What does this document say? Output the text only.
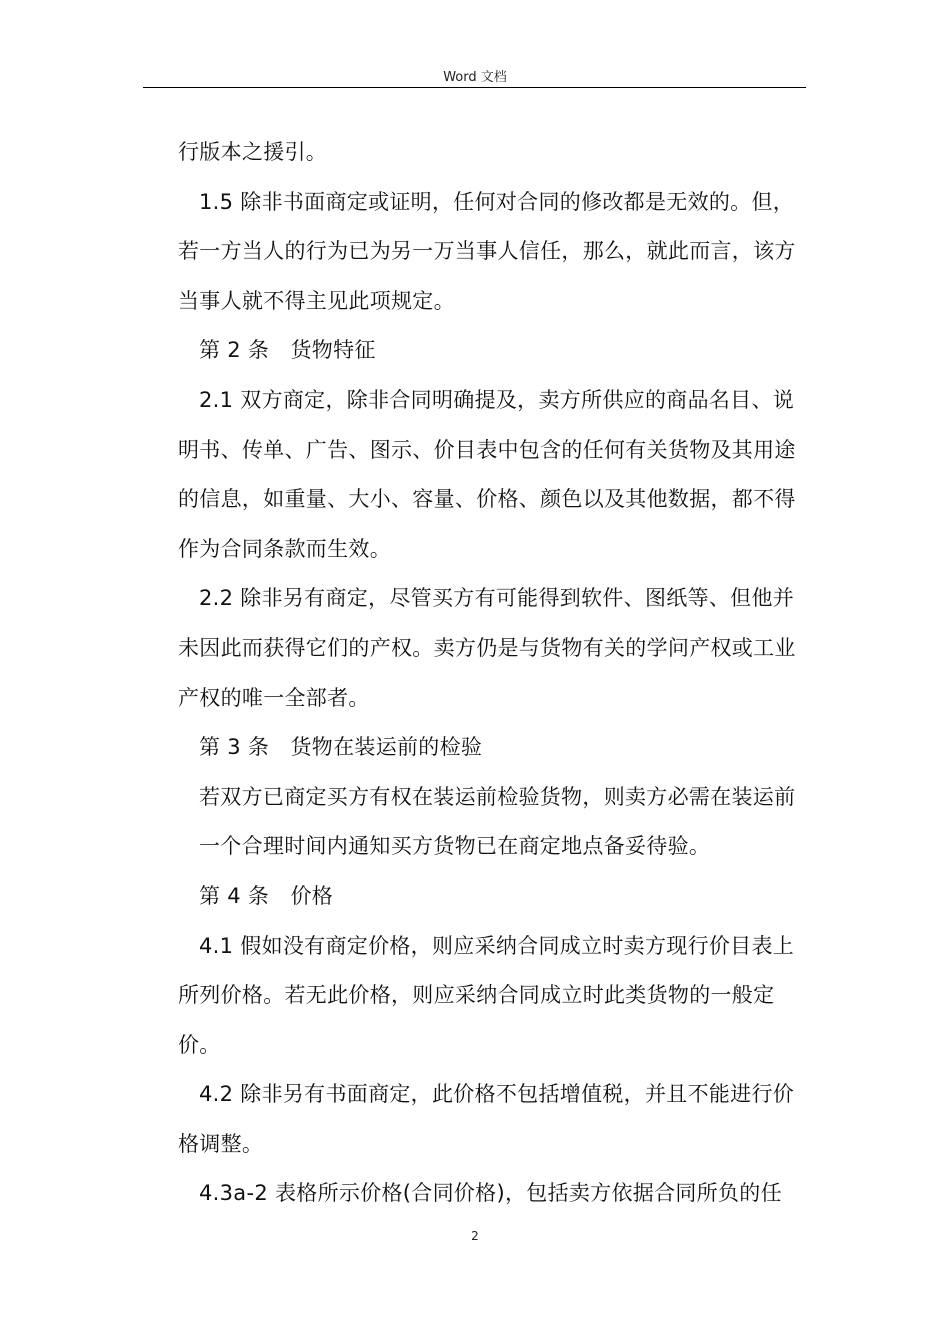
Word 文档

行版本之援引。

1.5 除非书面商定或证明，任何对合同的修改都是无效的。但，若一方当人的行为已为另一万当事人信任，那么，就此而言，该方当事人就不得主见此项规定。

第 2 条　货物特征

2.1 双方商定，除非合同明确提及，卖方所供应的商品名目、说明书、传单、广告、图示、价目表中包含的任何有关货物及其用途的信息，如重量、大小、容量、价格、颜色以及其他数据，都不得作为合同条款而生效。

2.2 除非另有商定，尽管买方有可能得到软件、图纸等、但他并未因此而获得它们的产权。卖方仍是与货物有关的学问产权或工业产权的唯一全部者。

第 3 条　货物在装运前的检验

若双方已商定买方有权在装运前检验货物，则卖方必需在装运前一个合理时间内通知买方货物已在商定地点备妥待验。

第 4 条　价格

4.1 假如没有商定价格，则应采纳合同成立时卖方现行价目表上所列价格。若无此价格，则应采纳合同成立时此类货物的一般定价。

4.2 除非另有书面商定，此价格不包括增值税，并且不能进行价格调整。

4.3a-2 表格所示价格(合同价格)，包括卖方依据合同所负的任

2
